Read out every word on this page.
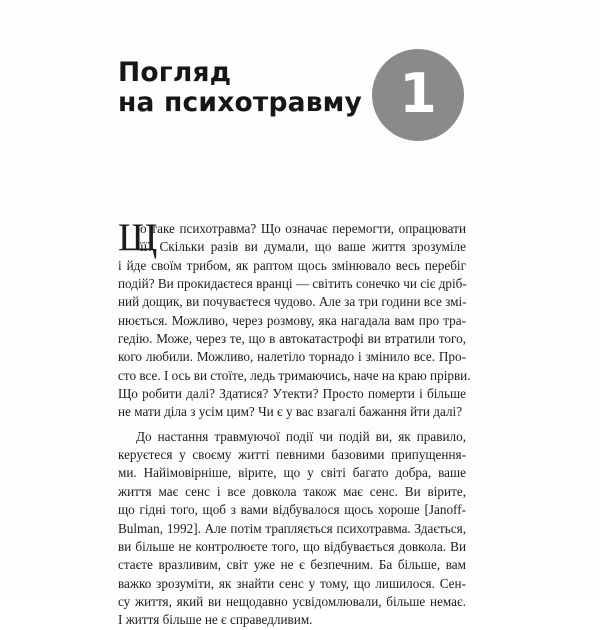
Погляд
на психотравму 1
Щ
о таке психотравма? Що означає перемогти, опрацювати
її? Скільки разів ви думали, що ваше життя зрозуміле
і йде своїм трибом, як раптом щось змінювало весь перебіг
подій? Ви прокидаєтеся вранці — світить сонечко чи сіє дріб-
ний дощик, ви почуваєтеся чудово. Але за три години все змі-
нюється. Можливо, через розмову, яка нагадала вам про тра-
гедію. Може, через те, що в автокатастрофі ви втратили того,
кого любили. Можливо, налетіло торнадо і змінило все. Про-
сто все. І ось ви стоїте, ледь тримаючись, наче на краю прірви.
Що робити далі? Здатися? Утекти? Просто померти і більше
не мати діла з усім цим? Чи є у вас взагалі бажання йти далі?
До настання травмуючої події чи подій ви, як правило,
керуєтеся у своєму житті певними базовими припущення-
ми. Найімовірніше, вірите, що у світі багато добра, ваше
життя має сенс і все довкола також має сенс. Ви вірите,
що гідні того, щоб з вами відбувалося щось хороше [Janoff-
Bulman, 1992]. Але потім трапляється психотравма. Здається,
ви більше не контролюєте того, що відбувається довкола. Ви
стаєте вразливим, світ уже не є безпечним. Ба більше, вам
важко зрозуміти, як знайти сенс у тому, що лишилося. Сен-
су життя, який ви нещодавно усвідомлювали, більше немає.
І життя більше не є справедливим.
